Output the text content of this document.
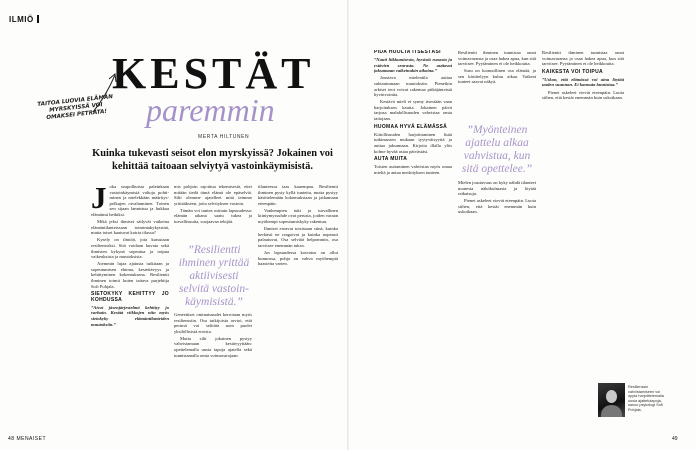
ILMIÖ
KESTÄT
paremmin
MERTA HILTUNEN
Kuinka tukevasti seisot elon myrskyissä? Jokainen voi kehittää taitoaan selviytyä vastoinkäymisistä.
TAITOA LUOVIA ELÄMÄN MYRSKYISSÄ VOI OMAKSEI PETRATA!

Joka urapolkuista paleinkaan vastoinkäymisiä valtoja pohtiminen ja mielekkään määrityspolkujen oivaltaminen. Toinen sen sijaan lannistuu ja hukkaa elämänsä hetkiksi.

Mikä jeksi ihmiset säilyvät vaikeina elämäntilanteissaan toimintakykyisinä, mutta toiset kaatuvat koiria tilassa?

Kysely on ilmiöä, jota kutsutaan resilienssiksi. Sitä voidaan kuvata sekä ihmisten kykynä sopeutua ja toipua vaikeuksista ja muutoksista.

Aiemmin lujaa ajatusta tutkitaan ja sopeutumisen ehtona, kestettävyys ja kehittyminen kokemuksena. Resilientti ihminen toimii kuten taitava purjehtija Sofi Pohjala.

SIETOKYKY KEHITTYY JO KOHDUSSA

”Aivot jäsenjärjestelmä kehittyy jo varhain. Kestää viikkojen niin myös sietokyky elämäntilanteiden muutoksiin.”

mis pohjoin rajoittua tekemisestä, ettei mitään tiedä tämä elämä ole epäselviä. Silti olemme ajatelleet mitä teimme yrittääkseen, joita selvityksen vastoin.

Tämän voi tuntea osittain lapsuudessa: elämän aikana saatu tukea ja turvallisuutta, suojaavaa tekijää.

”Resilientti ihminen yrittää aktiivisesti selvitä vastoinkäymisistä.”

Geneettiset ominaisuudet kerrotaan myös resilienssiin. Osa tutkijoista arvioi, että perimä voi selittää noin puolet yksilöllisistä eroista.

Mutta silti jokainen pystyy vahvistamaan kestävyyttään: opettelemalla uusia tapoja ajatella sekä tunnistamalla omia voimavarojaan.

tilanteessa taas kauempaa. Resilientti ihminen pysty kyllä tunteita, mutta pystyy käsittelemään kokemuksiaan ja jatkamaan eteenpäin.

Vanhempien tuki ja turvallinen kiintymyssuhde ovat perusta, joiden varaan myöhempi sopeutumiskyky rakentuu.

Ihmiset eroavat toisistaan siinä, kuinka herkästi ne reagoivat ja kuinka nopeasti palautuvat. Osa selviää helpommin, osa tarvitsee enemmän tukea.

Jos lapsuudessa kasvatus on ollut kunnossa, pohja on vahva myöhempiä haasteita varten.

PIDÄ HUOLTA ITSESTÄSI

”Nauti liikkumisesta, hyvästä ruoasta ja ystävien seurasta. Ne auttavat jaksamaan vaikeinakin aikoina.”

Joustava mielentila auttaa suhtautumaan muutoksiin. Pienetkin arkiset teot voivat rakentaa pitkäjänteistä hyvinvointia.

Kestävä mieli ei synny itsestään vaan harjoituksen kautta. Jokainen päivä tarjoaa mahdollisuuden vahvistaa omia taitojaan.

HUOMAA HYVÄ ELÄMÄSSÄ

Kiitollisuuden harjoittaminen lisää tutkimusten mukaan tyytyväisyyttä ja auttaa jaksamaan. Kirjoita illalla ylös kolme hyvää asiaa päivästäsi.

AUTA MUITA

Toisten auttaminen vahvistaa myös omaa mieltä ja antaa merkityksen tunteen.

Resilientti ihminen tunnistaa omat voimavaransa ja osaa hakea apua, kun sitä tarvitsee. Pyytäminen ei ole heikkoutta.

Suru on luonnollinen osa elämää, ja sen käsittelyyn kuluu aikaa. Vaikeat tunteet saavat näkyä.

”Myönteinen ajattelu alkaa vahvistua, kun sitä opettelee.”

Mielen joustavuus on kyky nähdä tilanteet monesta näkökulmasta ja löytää ratkaisuja.

Pienet askeleet vievät eteenpäin. Luota siihen, että kestät enemmän kuin uskotkaan.

Resilientti ihminen tunnistaa omat voimavaransa ja osaa hakea apua, kun sitä tarvitsee. Pyytäminen ei ole heikkoutta.

KAIKESTA VOI TOIPUA

”Uskon, että elämässä voi aina löytää uuden suunnan. Ei kannata lannistua.”

Pienet askeleet vievät eteenpäin. Luota siihen, että kestät enemmän kuin uskotkaan.

Resilienssin vahvistamiseen voi oppia harjoittelemalla uusia ajattelutapoja, sanoo psykologi Sofi Pohjala.
48 MENAISET	49
